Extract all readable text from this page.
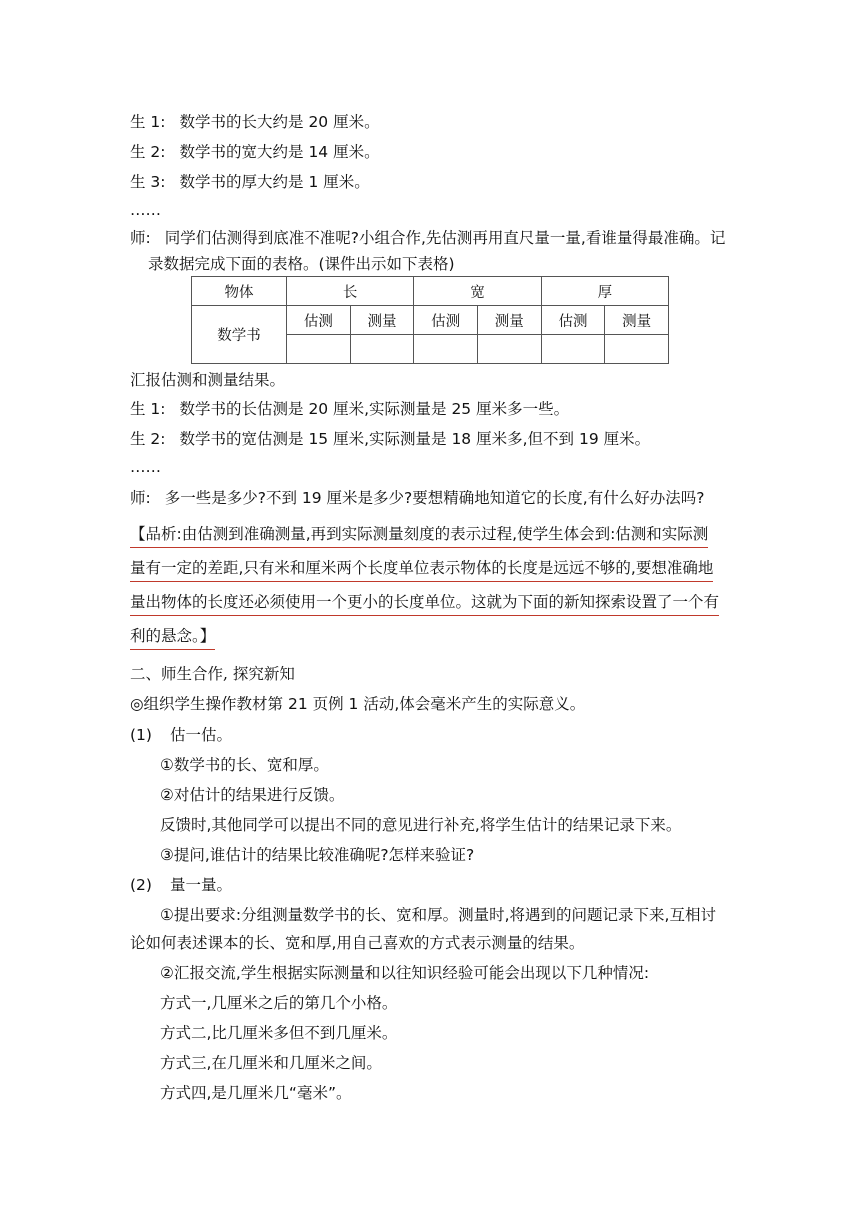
生 1: 数学书的长大约是 20 厘米。
生 2: 数学书的宽大约是 14 厘米。
生 3: 数学书的厚大约是 1 厘米。
……
师: 同学们估测得到底准不准呢?小组合作,先估测再用直尺量一量,看谁量得最准确。记
录数据完成下面的表格。(课件出示如下表格)
物体	长		宽		厚	
数学书	估测	测量	估测	测量	估测	测量

汇报估测和测量结果。
生 1: 数学书的长估测是 20 厘米,实际测量是 25 厘米多一些。
生 2: 数学书的宽估测是 15 厘米,实际测量是 18 厘米多,但不到 19 厘米。
……
师: 多一些是多少?不到 19 厘米是多少?要想精确地知道它的长度,有什么好办法吗?
【品析:由估测到准确测量,再到实际测量刻度的表示过程,使学生体会到:估测和实际测
量有一定的差距,只有米和厘米两个长度单位表示物体的长度是远远不够的,要想准确地
量出物体的长度还必须使用一个更小的长度单位。这就为下面的新知探索设置了一个有
利的悬念。】
二、师生合作, 探究新知
◎组织学生操作教材第 21 页例 1 活动,体会毫米产生的实际意义。
(1) 估一估。
①数学书的长、宽和厚。
②对估计的结果进行反馈。
反馈时,其他同学可以提出不同的意见进行补充,将学生估计的结果记录下来。
③提问,谁估计的结果比较准确呢?怎样来验证?
(2) 量一量。
①提出要求:分组测量数学书的长、宽和厚。测量时,将遇到的问题记录下来,互相讨
论如何表述课本的长、宽和厚,用自己喜欢的方式表示测量的结果。
②汇报交流,学生根据实际测量和以往知识经验可能会出现以下几种情况:
方式一,几厘米之后的第几个小格。
方式二,比几厘米多但不到几厘米。
方式三,在几厘米和几厘米之间。
方式四,是几厘米几“毫米”。
